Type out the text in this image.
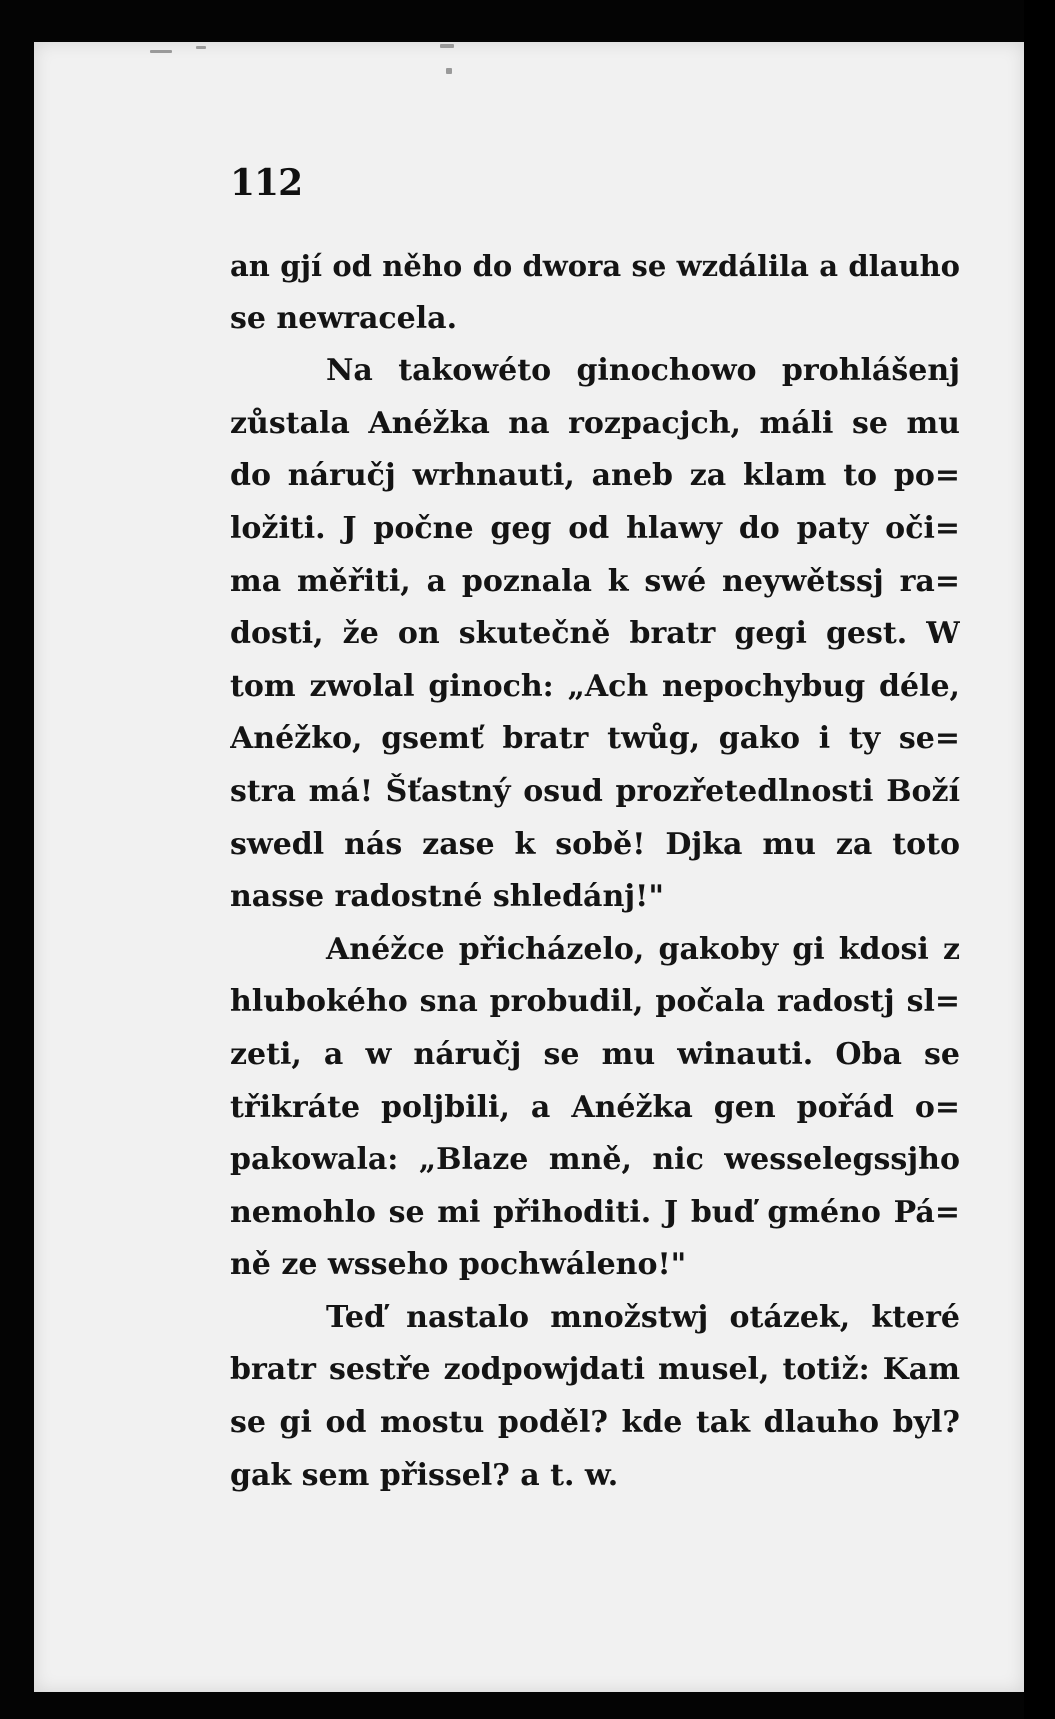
112
an gjí od něho do dwora se wzdálila a dlauho
se newracela.
Na takowéto ginochowo prohlášenj
zůstala Anéžka na rozpacjch, máli se mu
do náručj wrhnauti, aneb za klam to po=
ložiti. J počne geg od hlawy do paty oči=
ma měřiti, a poznala k swé neywětssj ra=
dosti, že on skutečně bratr gegi gest. W
tom zwolal ginoch: „Ach nepochybug déle,
Anéžko, gsemť bratr twůg, gako i ty se=
stra má! Šťastný osud prozřetedlnosti Boží
swedl nás zase k sobě! Djka mu za toto
nasse radostné shledánj!"
Anéžce přicházelo, gakoby gi kdosi z
hlubokého sna probudil, počala radostj sl=
zeti, a w náručj se mu winauti. Oba se
třikráte poljbili, a Anéžka gen pořád o=
pakowala: „Blaze mně, nic wesselegssjho
nemohlo se mi přihoditi. J buď gméno Pá=
ně ze wsseho pochwáleno!"
Teď nastalo množstwj otázek, které
bratr sestře zodpowjdati musel, totiž: Kam
se gi od mostu poděl? kde tak dlauho byl?
gak sem přissel? a t. w.
